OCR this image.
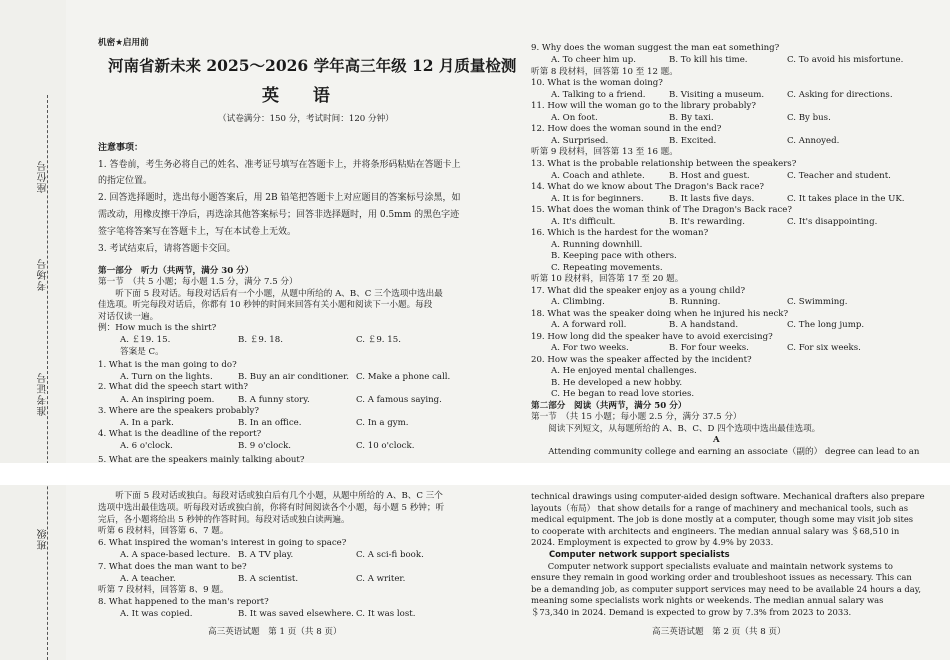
座位号
考场号
准考证号
班级
机密★启用前
河南省新未来 2025～2026 学年高三年级 12 月质量检测
英 语
（试卷满分：150 分，考试时间：120 分钟）
注意事项：
1. 答卷前，考生务必将自己的姓名、准考证号填写在答题卡上，并将条形码粘贴在答题卡上
的指定位置。
2. 回答选择题时，选出每小题答案后，用 2B 铅笔把答题卡上对应题目的答案标号涂黑，如
需改动，用橡皮擦干净后，再选涂其他答案标号；回答非选择题时，用 0.5mm 的黑色字迹
签字笔将答案写在答题卡上，写在本试卷上无效。
3. 考试结束后，请将答题卡交回。
第一部分　听力（共两节，满分 30 分）
第一节　（共 5 小题；每小题 1.5 分，满分 7.5 分）
　　听下面 5 段对话。每段对话后有一个小题，从题中所给的 A、B、C 三个选项中选出最
佳选项。听完每段对话后，你都有 10 秒钟的时间来回答有关小题和阅读下一小题。每段
对话仅读一遍。
例：How much is the shirt?
A. ￡19. 15.	B. ￡9. 18.	C. ￡9. 15.
答案是 C。
1. What is the man going to do?
A. Turn on the lights.	B. Buy an air conditioner. C. Make a phone call.
2. What did the speech start with?
A. An inspiring poem.	B. A funny story.	C. A famous saying.
3. Where are the speakers probably?
A. In a park.	B. In an office.	C. In a gym.
4. What is the deadline of the report?
A. 6 o'clock.	B. 9 o'clock.	C. 10 o'clock.
5. What are the speakers mainly talking about?
　　听下面 5 段对话或独白。每段对话或独白后有几个小题，从题中所给的 A、B、C 三个
选项中选出最佳选项。听每段对话或独白前，你将有时间阅读各个小题，每小题 5 秒钟；听
完后，各小题将给出 5 秒钟的作答时间。每段对话或独白读两遍。
听第 6 段材料，回答第 6、7 题。
6. What inspired the woman's interest in going to space?
A. A space-based lecture. B. A TV play.	C. A sci-fi book.
7. What does the man want to be?
A. A teacher.	B. A scientist.	C. A writer.
听第 7 段材料，回答第 8、9 题。
8. What happened to the man's report?
A. It was copied.	B. It was saved elsewhere. C. It was lost.
高三英语试题　第 1 页（共 8 页）
9. Why does the woman suggest the man eat something?
A. To cheer him up.	B. To kill his time.	C. To avoid his misfortune.
听第 8 段材料，回答第 10 至 12 题。
10. What is the woman doing?
A. Talking to a friend.	B. Visiting a museum.	C. Asking for directions.
11. How will the woman go to the library probably?
A. On foot.	B. By taxi.	C. By bus.
12. How does the woman sound in the end?
A. Surprised.	B. Excited.	C. Annoyed.
听第 9 段材料，回答第 13 至 16 题。
13. What is the probable relationship between the speakers?
A. Coach and athlete.	B. Host and guest.	C. Teacher and student.
14. What do we know about The Dragon's Back race?
A. It is for beginners.	B. It lasts five days.	C. It takes place in the UK.
15. What does the woman think of The Dragon's Back race?
A. It's difficult.	B. It's rewarding.	C. It's disappointing.
16. Which is the hardest for the woman?
A. Running downhill.
B. Keeping pace with others.
C. Repeating movements.
听第 10 段材料，回答第 17 至 20 题。
17. What did the speaker enjoy as a young child?
A. Climbing.	B. Running.	C. Swimming.
18. What was the speaker doing when he injured his neck?
A. A forward roll.	B. A handstand.	C. The long jump.
19. How long did the speaker have to avoid exercising?
A. For two weeks.	B. For four weeks.	C. For six weeks.
20. How was the speaker affected by the incident?
A. He enjoyed mental challenges.
B. He developed a new hobby.
C. He began to read love stories.
第二部分　阅读（共两节，满分 50 分）
第一节　（共 15 小题；每小题 2.5 分，满分 37.5 分）
　　阅读下列短文，从每题所给的 A、B、C、D 四个选项中选出最佳选项。
A
　　Attending community college and earning an associate（副的） degree can lead to an
technical drawings using computer-aided design software. Mechanical drafters also prepare
layouts（布局） that show details for a range of machinery and mechanical tools, such as
medical equipment. The job is done mostly at a computer, though some may visit job sites
to cooperate with architects and engineers. The median annual salary was ＄68,510 in
2024. Employment is expected to grow by 4.9% by 2033.
Computer network support specialists
　　Computer network support specialists evaluate and maintain network systems to
ensure they remain in good working order and troubleshoot issues as necessary. This can
be a demanding job, as computer support services may need to be available 24 hours a day,
meaning some specialists work nights or weekends. The median annual salary was
＄73,340 in 2024. Demand is expected to grow by 7.3% from 2023 to 2033.
高三英语试题　第 2 页（共 8 页）
